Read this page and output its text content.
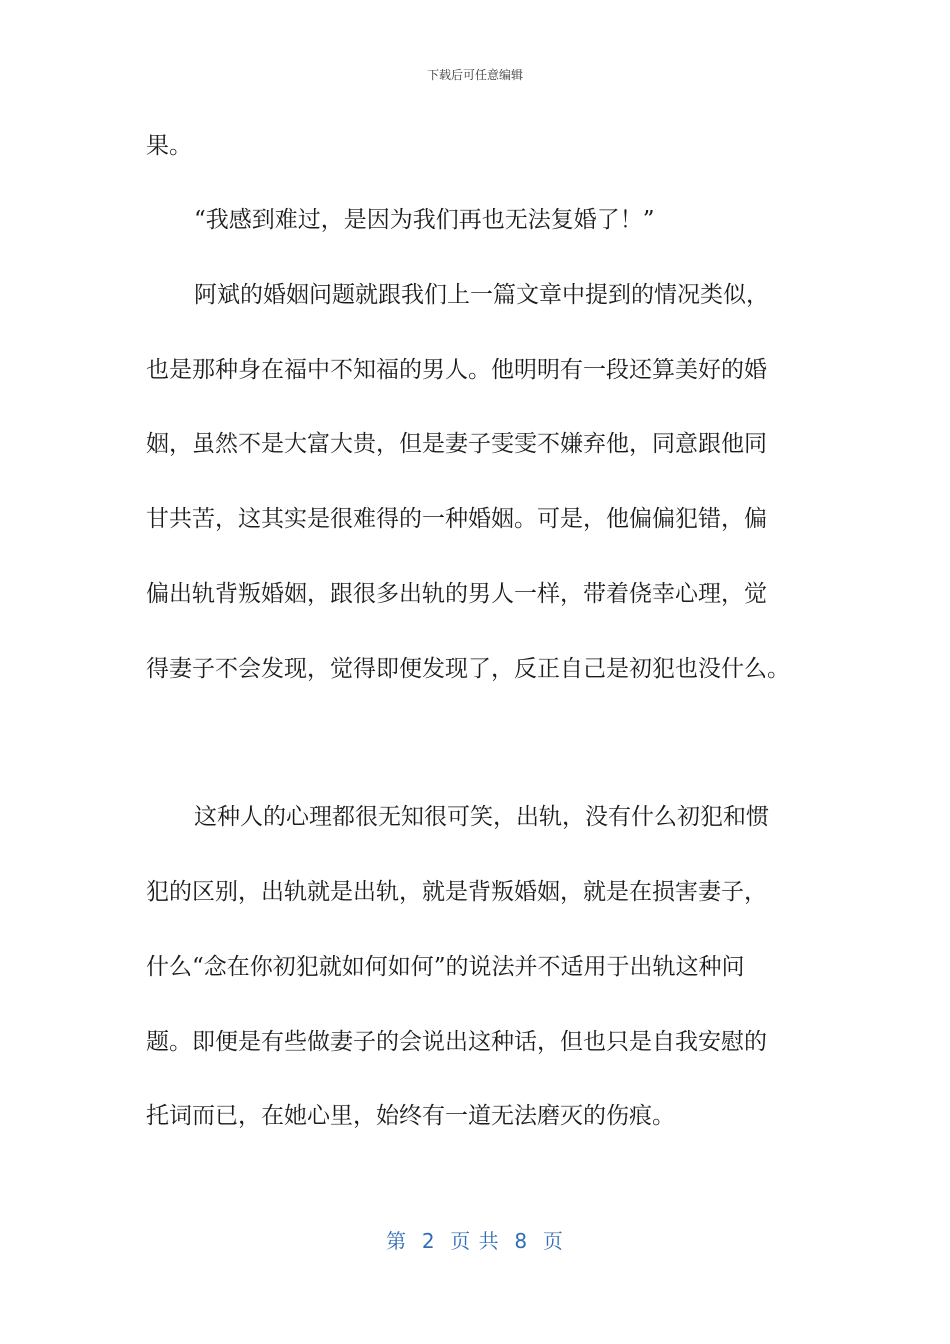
下载后可任意编辑
果。
“我感到难过，是因为我们再也无法复婚了！”
阿斌的婚姻问题就跟我们上一篇文章中提到的情况类似，
也是那种身在福中不知福的男人。他明明有一段还算美好的婚
姻，虽然不是大富大贵，但是妻子雯雯不嫌弃他，同意跟他同
甘共苦，这其实是很难得的一种婚姻。可是，他偏偏犯错，偏
偏出轨背叛婚姻，跟很多出轨的男人一样，带着侥幸心理，觉
得妻子不会发现，觉得即便发现了，反正自己是初犯也没什么。
这种人的心理都很无知很可笑，出轨，没有什么初犯和惯
犯的区别，出轨就是出轨，就是背叛婚姻，就是在损害妻子，
什么“念在你初犯就如何如何”的说法并不适用于出轨这种问
题。即便是有些做妻子的会说出这种话，但也只是自我安慰的
托词而已，在她心里，始终有一道无法磨灭的伤痕。
第  2  页 共  8  页
